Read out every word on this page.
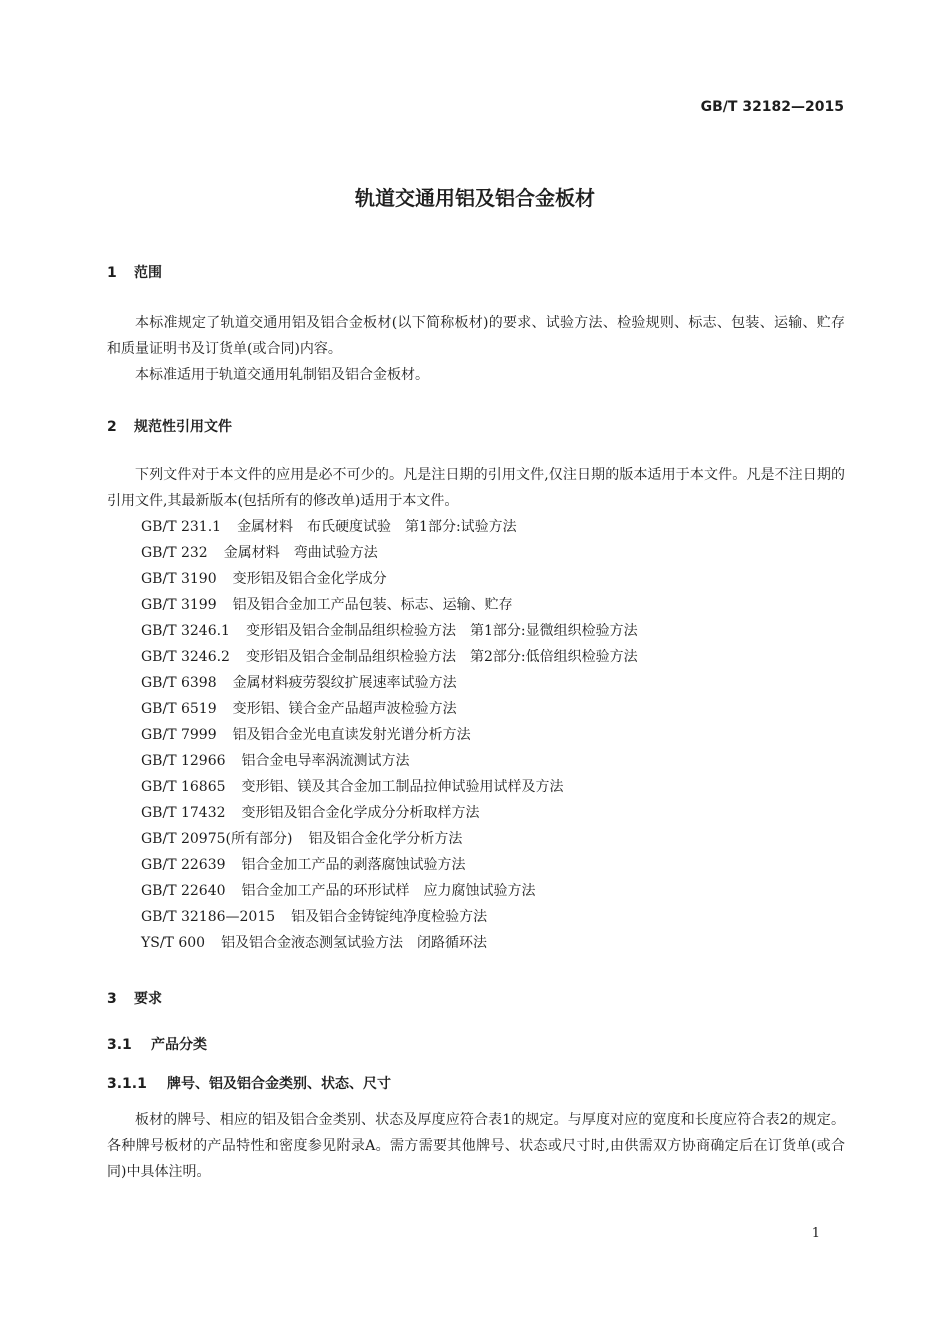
GB/T 32182—2015
轨道交通用铝及铝合金板材
1 范围

本标准规定了轨道交通用铝及铝合金板材(以下简称板材)的要求、试验方法、检验规则、标志、包装、运输、贮存和质量证明书及订货单(或合同)内容。

本标准适用于轨道交通用轧制铝及铝合金板材。

2 规范性引用文件

下列文件对于本文件的应用是必不可少的。凡是注日期的引用文件,仅注日期的版本适用于本文件。凡是不注日期的引用文件,其最新版本(包括所有的修改单)适用于本文件。

GB/T 231.1 金属材料　布氏硬度试验　第1部分:试验方法
GB/T 232 金属材料　弯曲试验方法
GB/T 3190 变形铝及铝合金化学成分
GB/T 3199 铝及铝合金加工产品包装、标志、运输、贮存
GB/T 3246.1 变形铝及铝合金制品组织检验方法　第1部分:显微组织检验方法
GB/T 3246.2 变形铝及铝合金制品组织检验方法　第2部分:低倍组织检验方法
GB/T 6398 金属材料疲劳裂纹扩展速率试验方法
GB/T 6519 变形铝、镁合金产品超声波检验方法
GB/T 7999 铝及铝合金光电直读发射光谱分析方法
GB/T 12966 铝合金电导率涡流测试方法
GB/T 16865 变形铝、镁及其合金加工制品拉伸试验用试样及方法
GB/T 17432 变形铝及铝合金化学成分分析取样方法
GB/T 20975(所有部分) 铝及铝合金化学分析方法
GB/T 22639 铝合金加工产品的剥落腐蚀试验方法
GB/T 22640 铝合金加工产品的环形试样　应力腐蚀试验方法
GB/T 32186—2015 铝及铝合金铸锭纯净度检验方法
YS/T 600 铝及铝合金液态测氢试验方法　闭路循环法
3 要求
3.1 产品分类
3.1.1 牌号、铝及铝合金类别、状态、尺寸

板材的牌号、相应的铝及铝合金类别、状态及厚度应符合表1的规定。与厚度对应的宽度和长度应符合表2的规定。各种牌号板材的产品特性和密度参见附录A。需方需要其他牌号、状态或尺寸时,由供需双方协商确定后在订货单(或合同)中具体注明。

1
